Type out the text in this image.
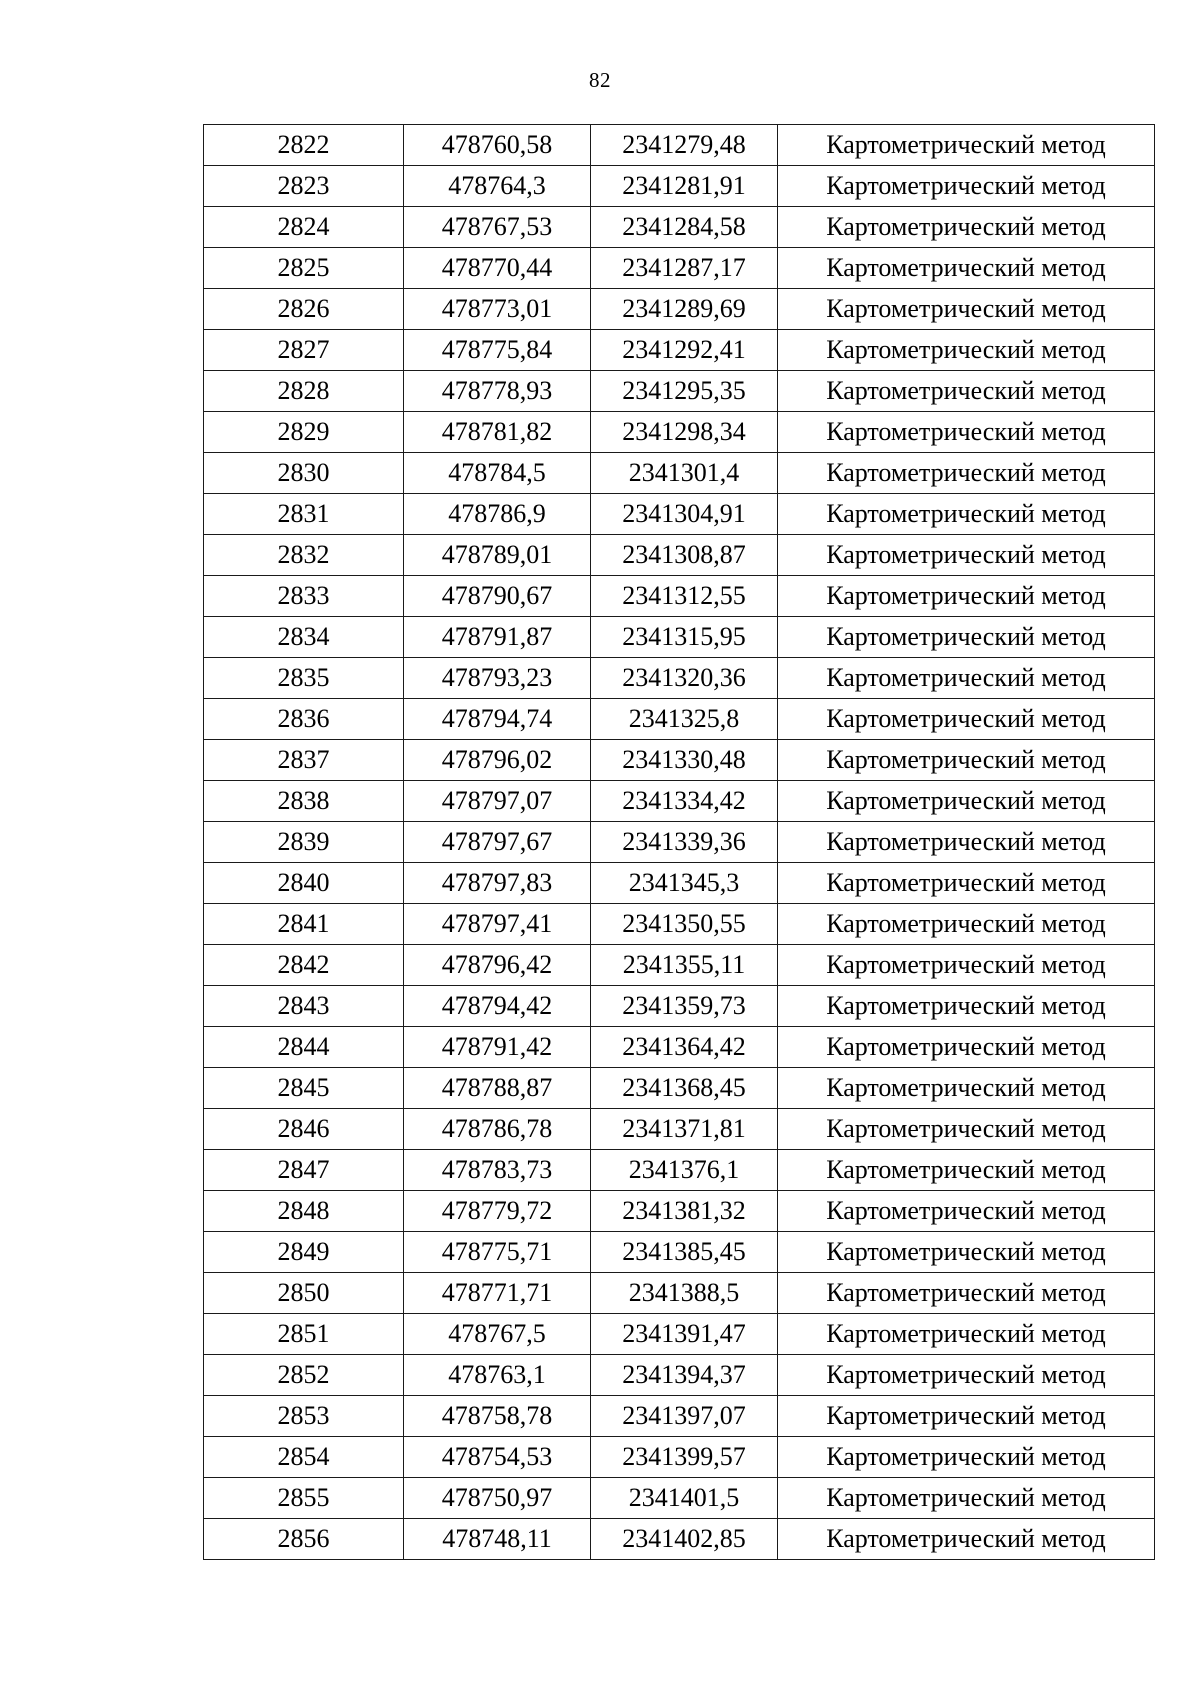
82
2822	478760,58	2341279,48	Картометрический метод
2823	478764,3	2341281,91	Картометрический метод
2824	478767,53	2341284,58	Картометрический метод
2825	478770,44	2341287,17	Картометрический метод
2826	478773,01	2341289,69	Картометрический метод
2827	478775,84	2341292,41	Картометрический метод
2828	478778,93	2341295,35	Картометрический метод
2829	478781,82	2341298,34	Картометрический метод
2830	478784,5	2341301,4	Картометрический метод
2831	478786,9	2341304,91	Картометрический метод
2832	478789,01	2341308,87	Картометрический метод
2833	478790,67	2341312,55	Картометрический метод
2834	478791,87	2341315,95	Картометрический метод
2835	478793,23	2341320,36	Картометрический метод
2836	478794,74	2341325,8	Картометрический метод
2837	478796,02	2341330,48	Картометрический метод
2838	478797,07	2341334,42	Картометрический метод
2839	478797,67	2341339,36	Картометрический метод
2840	478797,83	2341345,3	Картометрический метод
2841	478797,41	2341350,55	Картометрический метод
2842	478796,42	2341355,11	Картометрический метод
2843	478794,42	2341359,73	Картометрический метод
2844	478791,42	2341364,42	Картометрический метод
2845	478788,87	2341368,45	Картометрический метод
2846	478786,78	2341371,81	Картометрический метод
2847	478783,73	2341376,1	Картометрический метод
2848	478779,72	2341381,32	Картометрический метод
2849	478775,71	2341385,45	Картометрический метод
2850	478771,71	2341388,5	Картометрический метод
2851	478767,5	2341391,47	Картометрический метод
2852	478763,1	2341394,37	Картометрический метод
2853	478758,78	2341397,07	Картометрический метод
2854	478754,53	2341399,57	Картометрический метод
2855	478750,97	2341401,5	Картометрический метод
2856	478748,11	2341402,85	Картометрический метод
